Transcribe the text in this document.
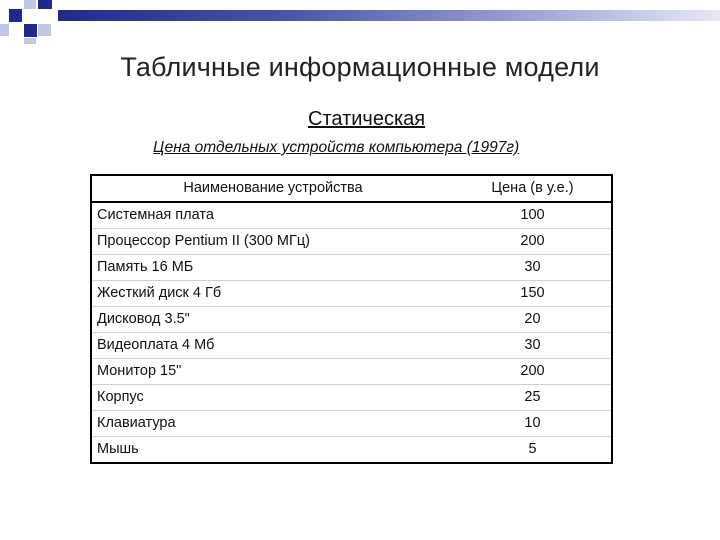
Табличные информационные модели
Статическая
Цена отдельных устройств компьютера (1997г)
Наименование устройства	Цена (в у.е.)
Системная плата	100
Процессор Pentium II (300 МГц)	200
Память 16 МБ	30
Жесткий диск 4 Гб	150
Дисковод 3.5"	20
Видеоплата 4 Мб	30
Монитор 15"	200
Корпус	25
Клавиатура	10
Мышь	5
